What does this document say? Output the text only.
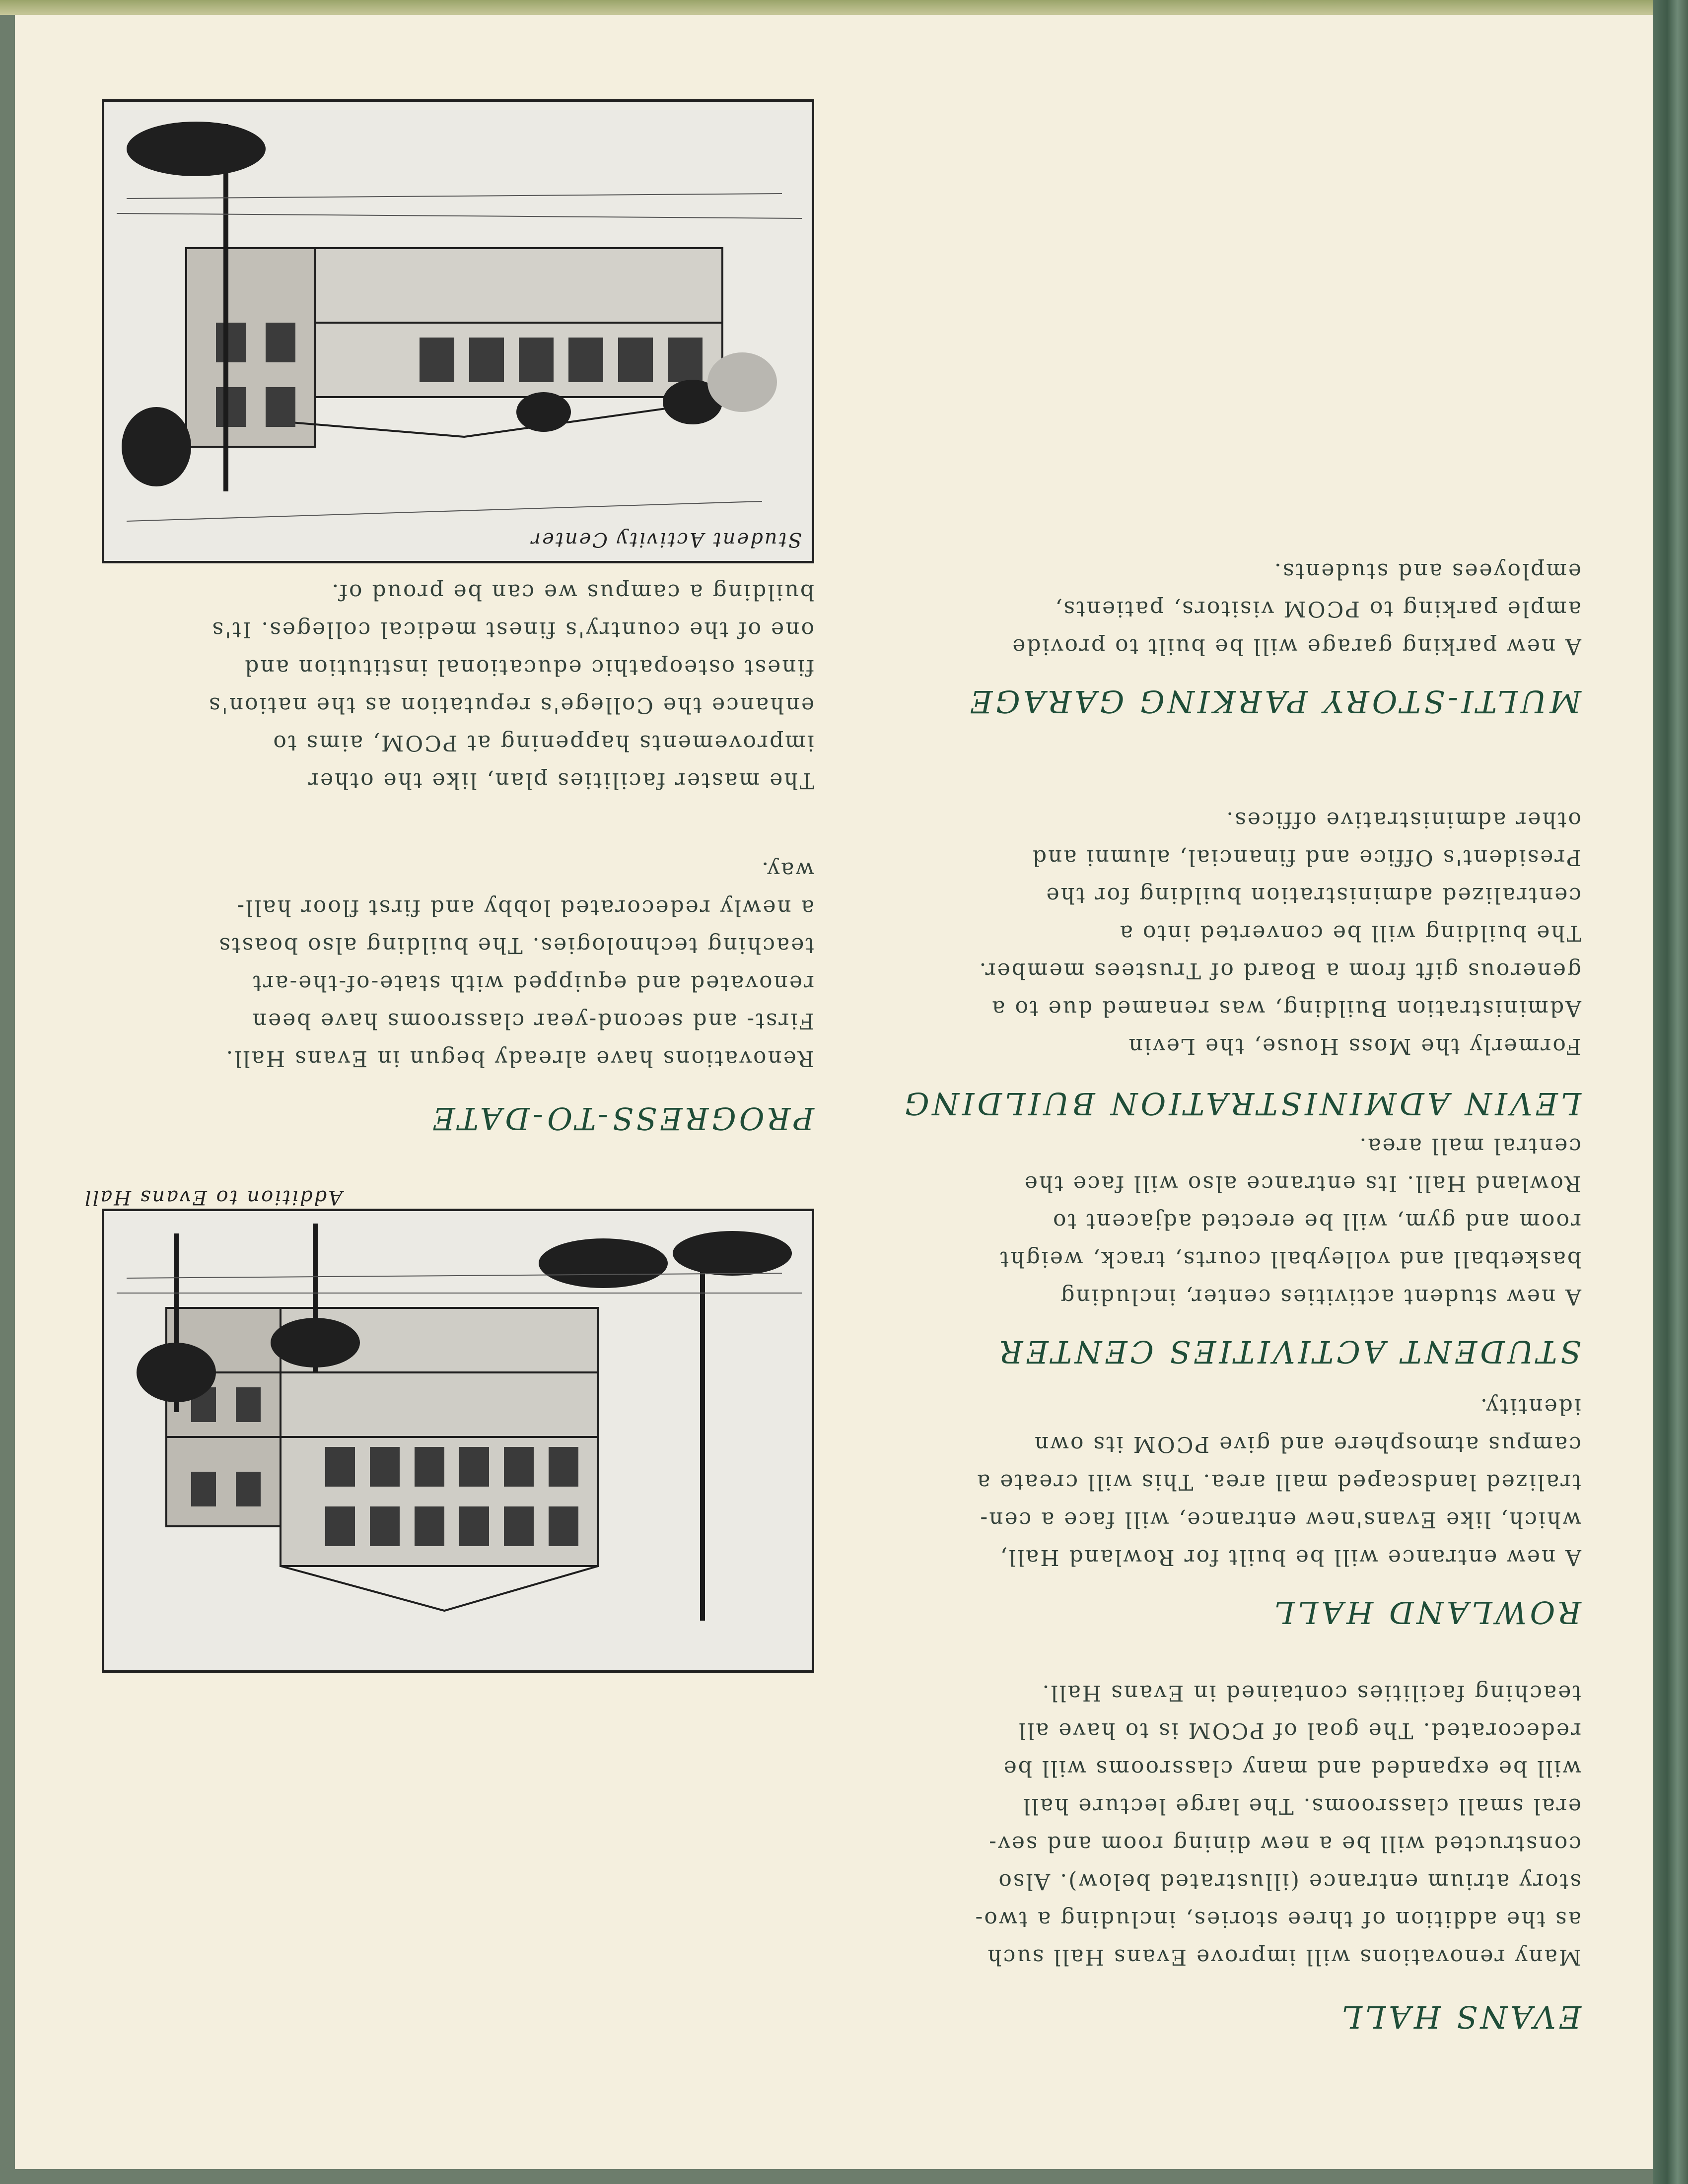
EVANS HALL
Many renovations will improve Evans Hall such
as the addition of three stories, including a two-
story atrium entrance (illustrated below). Also
constructed will be a new dining room and sev-
eral small classrooms. The large lecture hall
will be expanded and many classrooms will be
redecorated. The goal of PCOM is to have all
teaching facilities contained in Evans Hall.
ROWLAND HALL
A new entrance will be built for Rowland Hall,
which, like Evans'new entrance, will face a cen-
tralized landscaped mall area. This will create a
campus atmosphere and give PCOM its own
identity.
STUDENT ACTIVITIES CENTER
A new student activities center, including
basketball and volleyball courts, track, weight
room and gym, will be erected adjacent to
Rowland Hall. Its entrance also will face the
central mall area.
LEVIN ADMINISTRATION BUILDING
Formerly the Moss House, the Levin
Administration Building, was renamed due to a
generous gift from a Board of Trustees member.
The building will be converted into a
centralized administration building for the
President's Office and financial, alumni and
other administrative offices.
MULTI-STORY PARKING GARAGE
A new parking garage will be built to provide
ample parking to PCOM visitors, patients,
employees and students.
Addition to Evans Hall
PROGRESS-TO-DATE
Renovations have already begun in Evans Hall.
First- and second-year classrooms have been
renovated and equipped with state-of-the-art
teaching technologies. The building also boasts
a newly redecorated lobby and first floor hall-
way.
The master facilities plan, like the other
improvements happening at PCOM, aims to
enhance the College's reputation as the nation's
finest osteopathic educational institution and
one of the country's finest medical colleges. It's
building a campus we can be proud of.
Student Activity Center
